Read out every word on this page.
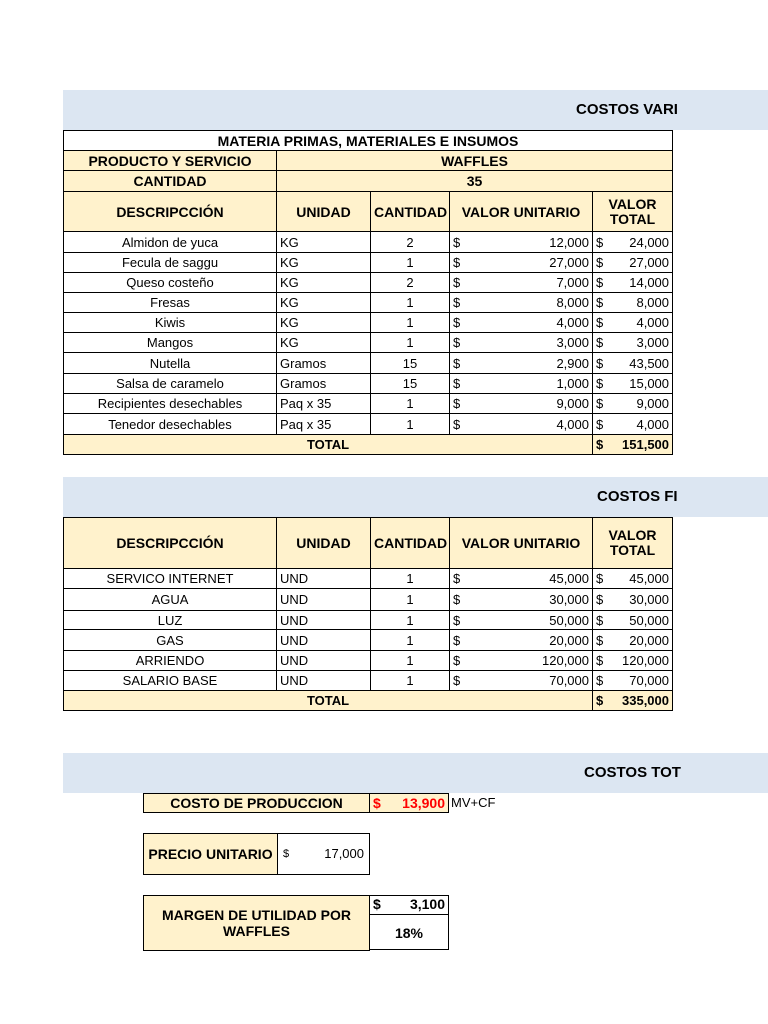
COSTOS VARI
MATERIA PRIMAS, MATERIALES E INSUMOS				
PRODUCTO Y SERVICIO	WAFFLES			
CANTIDAD	35			
DESCRIPCCIÓN	UNIDAD	CANTIDAD	VALOR UNITARIO	VALOR TOTAL
Almidon de yuca	KG	2	$ 12,000	$ 24,000

Fecula de saggu	KG	1	$ 27,000	$ 27,000

Queso costeño	KG	2	$ 7,000	$ 14,000

Fresas	KG	1	$ 8,000	$ 8,000

Kiwis	KG	1	$ 4,000	$ 4,000

Mangos	KG	1	$ 3,000	$ 3,000

Nutella	Gramos	15	$ 2,900	$ 43,500

Salsa de caramelo	Gramos	15	$ 1,000	$ 15,000

Recipientes desechables	Paq x 35	1	$ 9,000	$ 9,000

Tenedor desechables	Paq x 35	1	$ 4,000	$ 4,000

TOTAL				$ 151,500
COSTOS FI
DESCRIPCCIÓN	UNIDAD	CANTIDAD	VALOR UNITARIO	VALOR TOTAL
SERVICO INTERNET	UND	1	$ 45,000	$ 45,000

AGUA	UND	1	$ 30,000	$ 30,000

LUZ	UND	1	$ 50,000	$ 50,000

GAS	UND	1	$ 20,000	$ 20,000

ARRIENDO	UND	1	$ 120,000	$ 120,000

SALARIO BASE	UND	1	$ 70,000	$ 70,000

TOTAL				$ 335,000
COSTOS TOT
COSTO DE PRODUCCION	$ 13,900 MV+CF
PRECIO UNITARIO $	17,000
MARGEN DE UTILIDAD POR WAFFLES
$ 3,100
18%
